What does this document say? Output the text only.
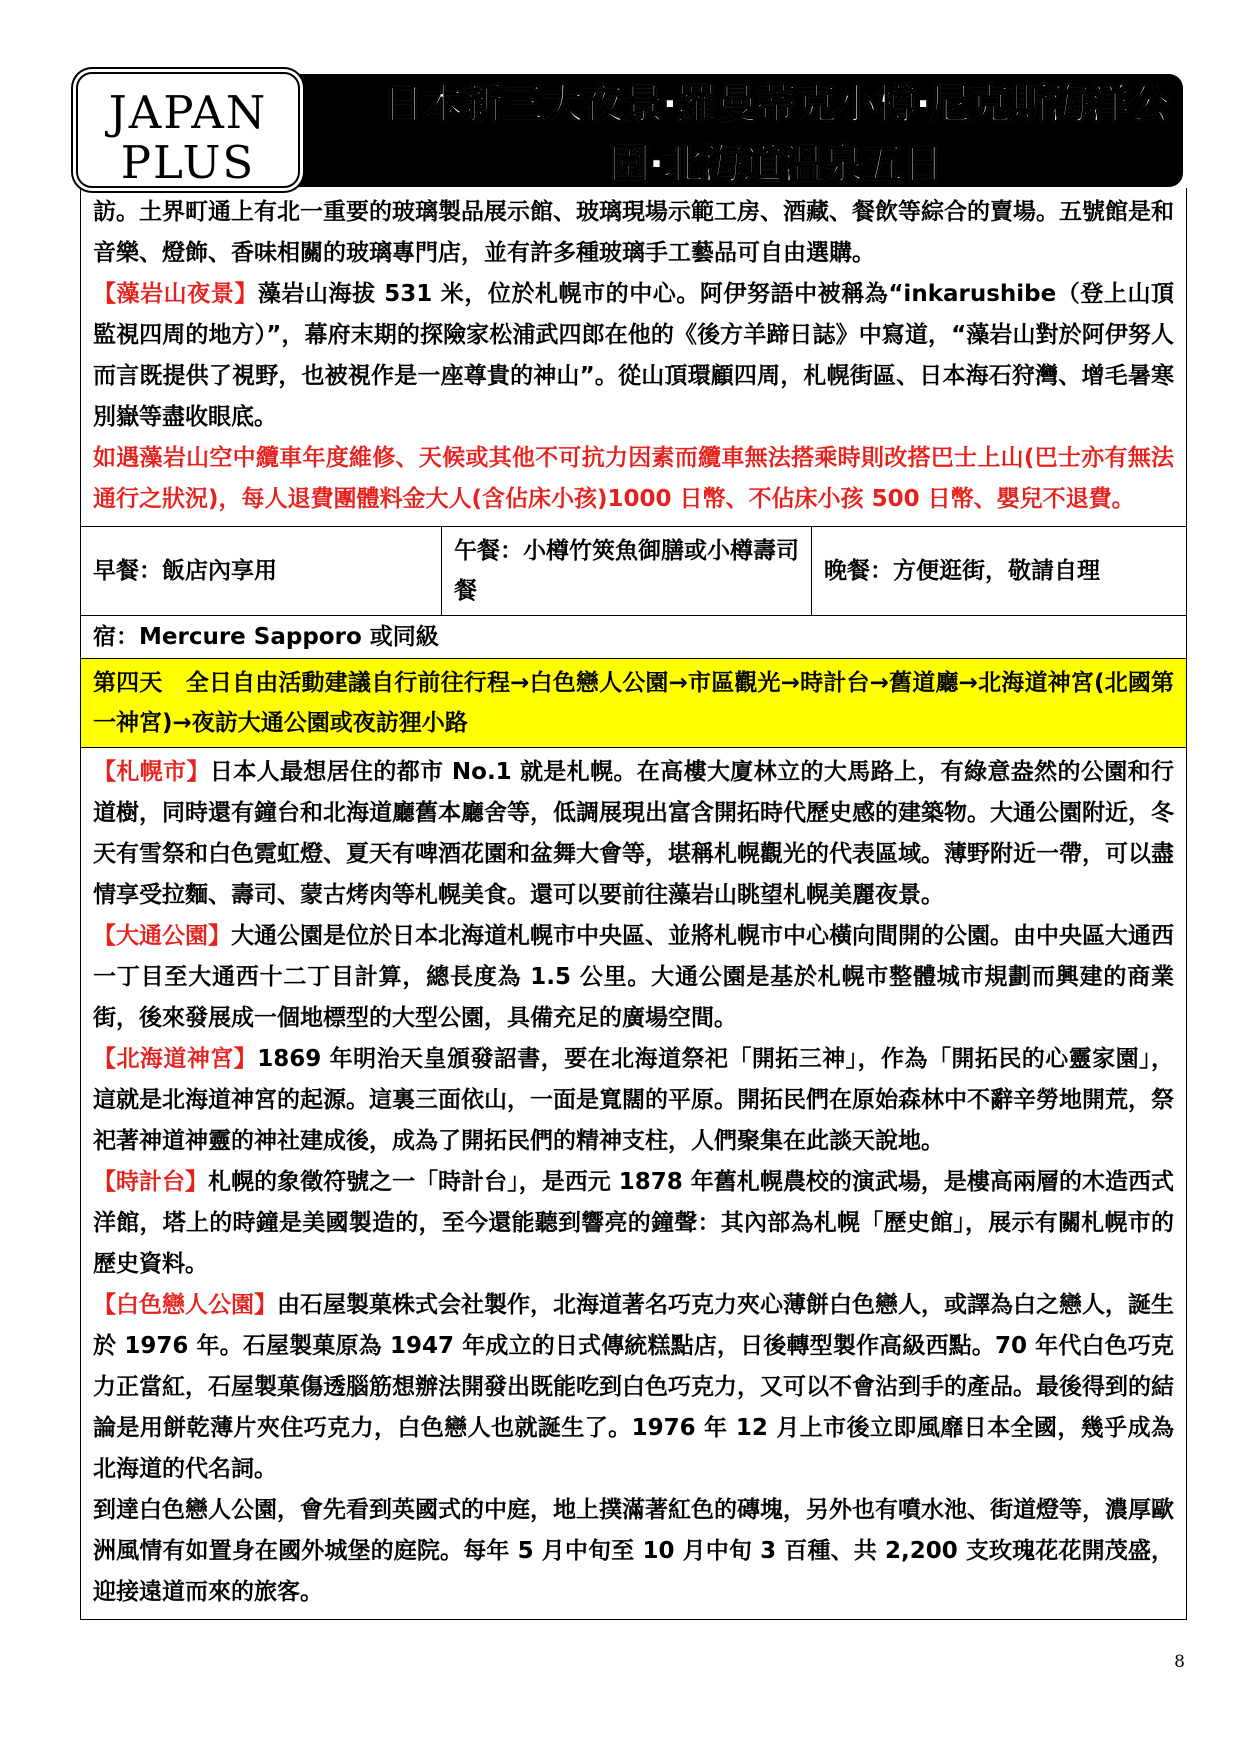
日本新三大夜景‧羅曼蒂克小樽‧尼克斯海洋公園‧北海道溫泉五日
JAPAN PLUS

訪。土界町通上有北一重要的玻璃製品展示館、玻璃現場示範工房、酒藏、餐飲等綜合的賣場。五號館是和音樂、燈飾、香味相關的玻璃專門店，並有許多種玻璃手工藝品可自由選購。

【藻岩山夜景】藻岩山海拔 531 米，位於札幌市的中心。阿伊努語中被稱為“inkarushibe（登上山頂監視四周的地方）”，幕府末期的探險家松浦武四郎在他的《後方羊蹄日誌》中寫道，“藻岩山對於阿伊努人而言既提供了視野，也被視作是一座尊貴的神山”。從山頂環顧四周，札幌街區、日本海石狩灣、增毛暑寒別嶽等盡收眼底。

如遇藻岩山空中纜車年度維修、天候或其他不可抗力因素而纜車無法搭乘時則改搭巴士上山(巴士亦有無法通行之狀況)，每人退費團體料金大人(含佔床小孩)1000 日幣、不佔床小孩 500 日幣、嬰兒不退費。

早餐：飯店內享用
午餐：小樽竹筴魚御膳或小樽壽司餐
晚餐：方便逛街，敬請自理
宿：Mercure Sapporo 或同級
第四天　全日自由活動建議自行前往行程→白色戀人公園→市區觀光→時計台→舊道廳→北海道神宮(北國第一神宮)→夜訪大通公園或夜訪狸小路

【札幌市】日本人最想居住的都市 No.1 就是札幌。在高樓大廈林立的大馬路上，有綠意盎然的公園和行道樹，同時還有鐘台和北海道廳舊本廳舍等，低調展現出富含開拓時代歷史感的建築物。大通公園附近，冬天有雪祭和白色霓虹燈、夏天有啤酒花園和盆舞大會等，堪稱札幌觀光的代表區域。薄野附近一帶，可以盡情享受拉麵、壽司、蒙古烤肉等札幌美食。還可以要前往藻岩山眺望札幌美麗夜景。

【大通公園】大通公園是位於日本北海道札幌市中央區、並將札幌市中心橫向間開的公園。由中央區大通西一丁目至大通西十二丁目計算，總長度為 1.5 公里。大通公園是基於札幌市整體城市規劃而興建的商業街，後來發展成一個地標型的大型公園，具備充足的廣場空間。

【北海道神宮】1869 年明治天皇頒發詔書，要在北海道祭祀「開拓三神」，作為「開拓民的心靈家園」，這就是北海道神宮的起源。這裏三面依山，一面是寬闊的平原。開拓民們在原始森林中不辭辛勞地開荒，祭祀著神道神靈的神社建成後，成為了開拓民們的精神支柱，人們聚集在此談天說地。

【時計台】札幌的象徵符號之一「時計台」，是西元 1878 年舊札幌農校的演武場，是樓高兩層的木造西式洋館，塔上的時鐘是美國製造的，至今還能聽到響亮的鐘聲：其內部為札幌「歷史館」，展示有關札幌市的歷史資料。

【白色戀人公園】由石屋製菓株式会社製作，北海道著名巧克力夾心薄餅白色戀人，或譯為白之戀人，誕生於 1976 年。石屋製菓原為 1947 年成立的日式傳統糕點店，日後轉型製作高級西點。70 年代白色巧克力正當紅，石屋製菓傷透腦筋想辦法開發出既能吃到白色巧克力，又可以不會沾到手的產品。最後得到的結論是用餅乾薄片夾住巧克力，白色戀人也就誕生了。1976 年 12 月上市後立即風靡日本全國，幾乎成為北海道的代名詞。

到達白色戀人公園，會先看到英國式的中庭，地上撲滿著紅色的磚塊，另外也有噴水池、街道燈等，濃厚歐洲風情有如置身在國外城堡的庭院。每年 5 月中旬至 10 月中旬 3 百種、共 2,200 支玫瑰花花開茂盛，迎接遠道而來的旅客。

8
